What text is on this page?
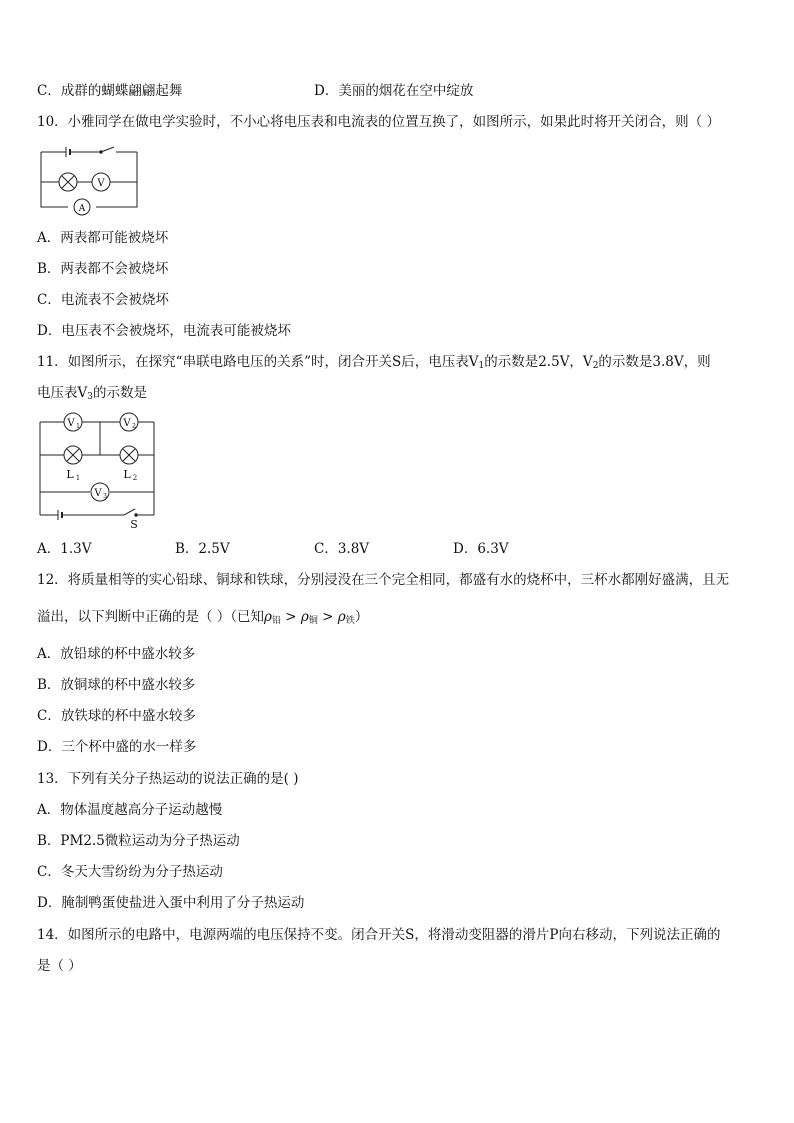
C．成群的蝴蝶翩翩起舞	D．美丽的烟花在空中绽放
10．小雅同学在做电学实验时，不小心将电压表和电流表的位置互换了，如图所示，如果此时将开关闭合，则（ ）
V
A
A．两表都可能被烧坏
B．两表都不会被烧坏
C．电流表不会被烧坏
D．电压表不会被烧坏，电流表可能被烧坏
11．如图所示，在探究“串联电路电压的关系”时，闭合开关S后，电压表$V_1$的示数是2.5V，$V_2$的示数是3.8V，则
电压表$V_3$的示数是
V 1	V 2
L 1	L 2
V 3
S
A．1.3V	B．2.5V	C．3.8V	D．6.3V
12．将质量相等的实心铅球、铜球和铁球，分别浸没在三个完全相同，都盛有水的烧杯中，三杯水都刚好盛满，且无
溢出，以下判断中正确的是（ ）（已知$\rho_铅 > \rho_铜 > \rho_铁$）
A．放铅球的杯中盛水较多
B．放铜球的杯中盛水较多
C．放铁球的杯中盛水较多
D．三个杯中盛的水一样多
13．下列有关分子热运动的说法正确的是( )
A．物体温度越高分子运动越慢
B．PM2.5微粒运动为分子热运动
C．冬天大雪纷纷为分子热运动
D．腌制鸭蛋使盐进入蛋中利用了分子热运动
14．如图所示的电路中，电源两端的电压保持不变。闭合开关S，将滑动变阻器的滑片P向右移动，下列说法正确的
是（ ）
